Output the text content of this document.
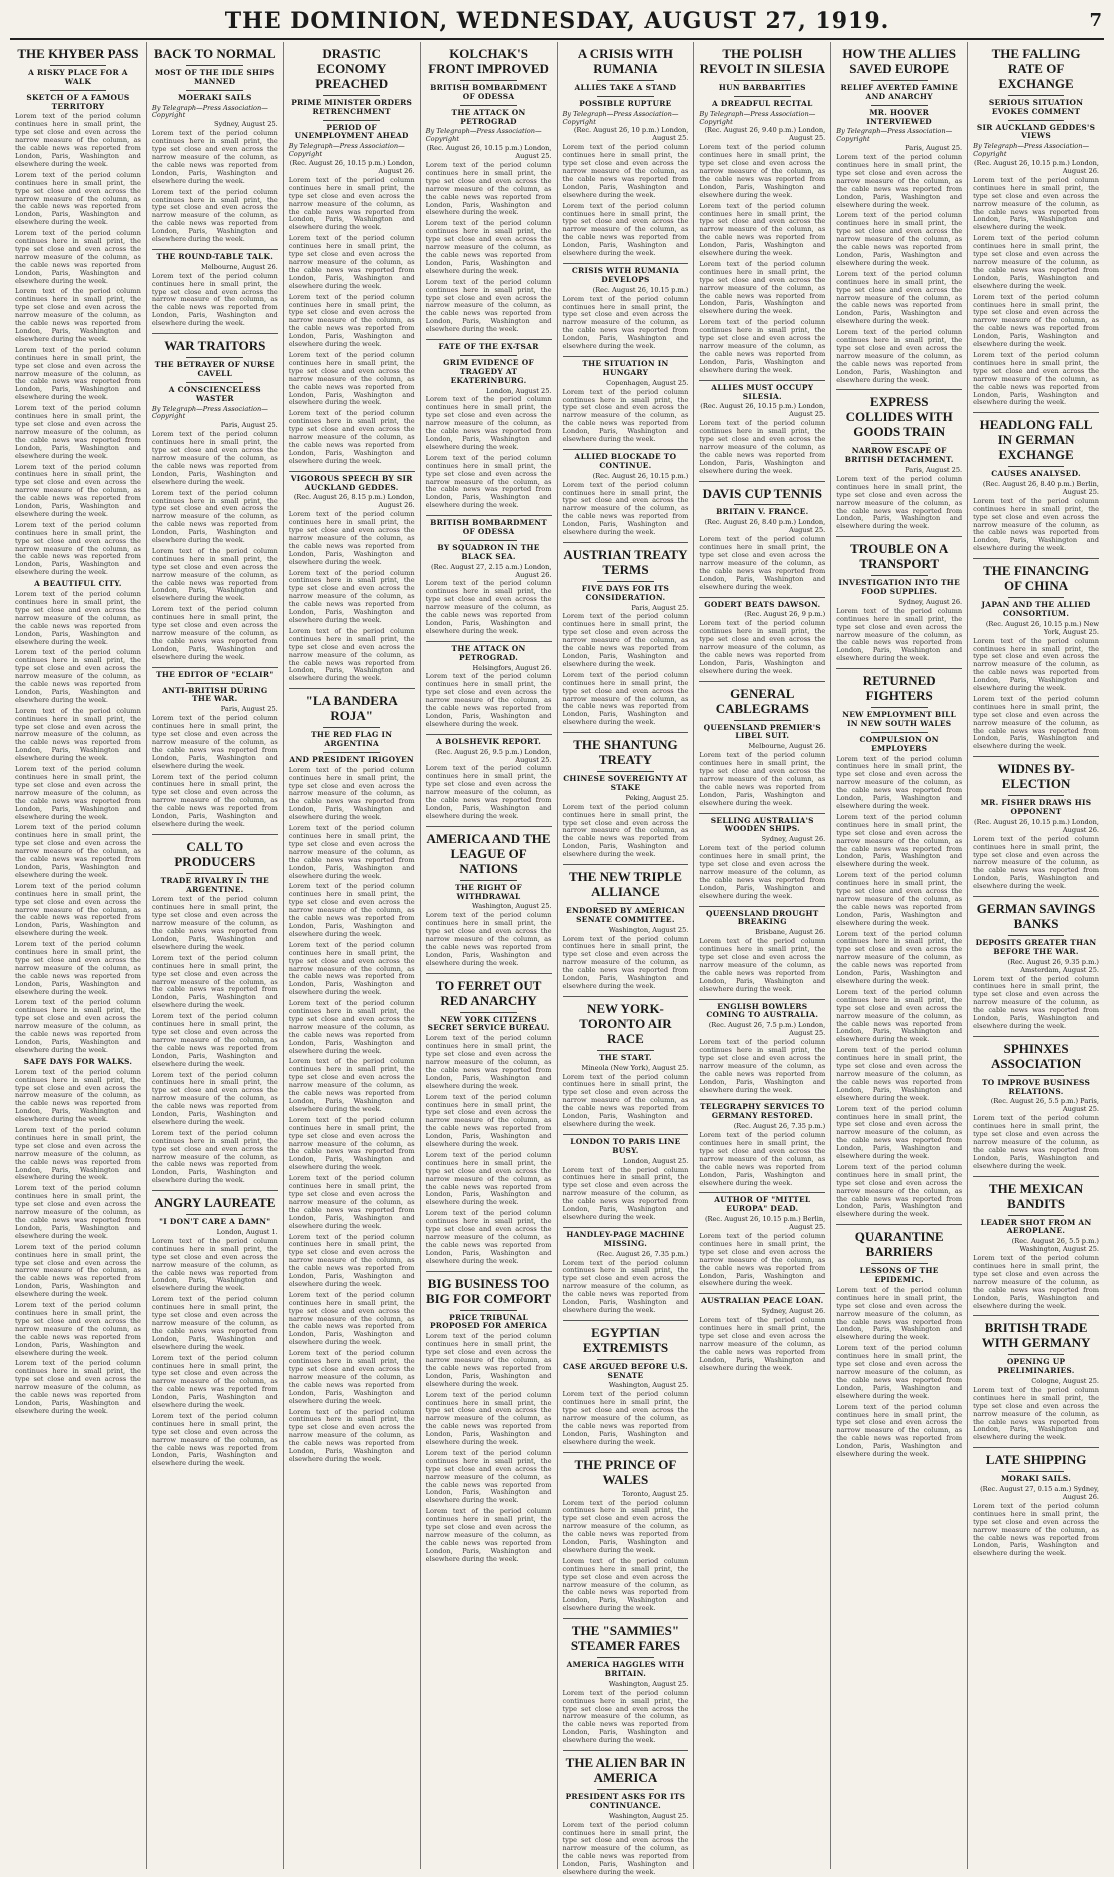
THE DOMINION, WEDNESDAY, AUGUST 27, 1919.	7
THE KHYBER PASS
A RISKY PLACE FOR A WALK
SKETCH OF A FAMOUS TERRITORY

Lorem text of the period column continues here in small print, the type set close and even across the narrow measure of the column, as the cable news was reported from London, Paris, Washington and elsewhere during the week.

Lorem text of the period column continues here in small print, the type set close and even across the narrow measure of the column, as the cable news was reported from London, Paris, Washington and elsewhere during the week.

Lorem text of the period column continues here in small print, the type set close and even across the narrow measure of the column, as the cable news was reported from London, Paris, Washington and elsewhere during the week.

Lorem text of the period column continues here in small print, the type set close and even across the narrow measure of the column, as the cable news was reported from London, Paris, Washington and elsewhere during the week.

Lorem text of the period column continues here in small print, the type set close and even across the narrow measure of the column, as the cable news was reported from London, Paris, Washington and elsewhere during the week.

Lorem text of the period column continues here in small print, the type set close and even across the narrow measure of the column, as the cable news was reported from London, Paris, Washington and elsewhere during the week.

Lorem text of the period column continues here in small print, the type set close and even across the narrow measure of the column, as the cable news was reported from London, Paris, Washington and elsewhere during the week.

Lorem text of the period column continues here in small print, the type set close and even across the narrow measure of the column, as the cable news was reported from London, Paris, Washington and elsewhere during the week.

A BEAUTIFUL CITY.

Lorem text of the period column continues here in small print, the type set close and even across the narrow measure of the column, as the cable news was reported from London, Paris, Washington and elsewhere during the week.

Lorem text of the period column continues here in small print, the type set close and even across the narrow measure of the column, as the cable news was reported from London, Paris, Washington and elsewhere during the week.

Lorem text of the period column continues here in small print, the type set close and even across the narrow measure of the column, as the cable news was reported from London, Paris, Washington and elsewhere during the week.

Lorem text of the period column continues here in small print, the type set close and even across the narrow measure of the column, as the cable news was reported from London, Paris, Washington and elsewhere during the week.

Lorem text of the period column continues here in small print, the type set close and even across the narrow measure of the column, as the cable news was reported from London, Paris, Washington and elsewhere during the week.

Lorem text of the period column continues here in small print, the type set close and even across the narrow measure of the column, as the cable news was reported from London, Paris, Washington and elsewhere during the week.

Lorem text of the period column continues here in small print, the type set close and even across the narrow measure of the column, as the cable news was reported from London, Paris, Washington and elsewhere during the week.

Lorem text of the period column continues here in small print, the type set close and even across the narrow measure of the column, as the cable news was reported from London, Paris, Washington and elsewhere during the week.

SAFE DAYS FOR WALKS.

Lorem text of the period column continues here in small print, the type set close and even across the narrow measure of the column, as the cable news was reported from London, Paris, Washington and elsewhere during the week.

Lorem text of the period column continues here in small print, the type set close and even across the narrow measure of the column, as the cable news was reported from London, Paris, Washington and elsewhere during the week.

Lorem text of the period column continues here in small print, the type set close and even across the narrow measure of the column, as the cable news was reported from London, Paris, Washington and elsewhere during the week.

Lorem text of the period column continues here in small print, the type set close and even across the narrow measure of the column, as the cable news was reported from London, Paris, Washington and elsewhere during the week.

Lorem text of the period column continues here in small print, the type set close and even across the narrow measure of the column, as the cable news was reported from London, Paris, Washington and elsewhere during the week.

Lorem text of the period column continues here in small print, the type set close and even across the narrow measure of the column, as the cable news was reported from London, Paris, Washington and elsewhere during the week.

BACK TO NORMAL
MOST OF THE IDLE SHIPS MANNED
MOERAKI SAILS
By Telegraph—Press Association—Copyright
Sydney, August 25.

Lorem text of the period column continues here in small print, the type set close and even across the narrow measure of the column, as the cable news was reported from London, Paris, Washington and elsewhere during the week.

Lorem text of the period column continues here in small print, the type set close and even across the narrow measure of the column, as the cable news was reported from London, Paris, Washington and elsewhere during the week.

THE ROUND-TABLE TALK.
Melbourne, August 26.

Lorem text of the period column continues here in small print, the type set close and even across the narrow measure of the column, as the cable news was reported from London, Paris, Washington and elsewhere during the week.

WAR TRAITORS
THE BETRAYER OF NURSE CAVELL
A CONSCIENCELESS WASTER
By Telegraph—Press Association—Copyright
Paris, August 25.

Lorem text of the period column continues here in small print, the type set close and even across the narrow measure of the column, as the cable news was reported from London, Paris, Washington and elsewhere during the week.

Lorem text of the period column continues here in small print, the type set close and even across the narrow measure of the column, as the cable news was reported from London, Paris, Washington and elsewhere during the week.

Lorem text of the period column continues here in small print, the type set close and even across the narrow measure of the column, as the cable news was reported from London, Paris, Washington and elsewhere during the week.

Lorem text of the period column continues here in small print, the type set close and even across the narrow measure of the column, as the cable news was reported from London, Paris, Washington and elsewhere during the week.

THE EDITOR OF "ECLAIR"
ANTI-BRITISH DURING THE WAR.
Paris, August 25.

Lorem text of the period column continues here in small print, the type set close and even across the narrow measure of the column, as the cable news was reported from London, Paris, Washington and elsewhere during the week.

Lorem text of the period column continues here in small print, the type set close and even across the narrow measure of the column, as the cable news was reported from London, Paris, Washington and elsewhere during the week.

CALL TO PRODUCERS
TRADE RIVALRY IN THE ARGENTINE.

Lorem text of the period column continues here in small print, the type set close and even across the narrow measure of the column, as the cable news was reported from London, Paris, Washington and elsewhere during the week.

Lorem text of the period column continues here in small print, the type set close and even across the narrow measure of the column, as the cable news was reported from London, Paris, Washington and elsewhere during the week.

Lorem text of the period column continues here in small print, the type set close and even across the narrow measure of the column, as the cable news was reported from London, Paris, Washington and elsewhere during the week.

Lorem text of the period column continues here in small print, the type set close and even across the narrow measure of the column, as the cable news was reported from London, Paris, Washington and elsewhere during the week.

Lorem text of the period column continues here in small print, the type set close and even across the narrow measure of the column, as the cable news was reported from London, Paris, Washington and elsewhere during the week.

ANGRY LAUREATE
"I DON'T CARE A DAMN"
London, August 1.

Lorem text of the period column continues here in small print, the type set close and even across the narrow measure of the column, as the cable news was reported from London, Paris, Washington and elsewhere during the week.

Lorem text of the period column continues here in small print, the type set close and even across the narrow measure of the column, as the cable news was reported from London, Paris, Washington and elsewhere during the week.

Lorem text of the period column continues here in small print, the type set close and even across the narrow measure of the column, as the cable news was reported from London, Paris, Washington and elsewhere during the week.

Lorem text of the period column continues here in small print, the type set close and even across the narrow measure of the column, as the cable news was reported from London, Paris, Washington and elsewhere during the week.

DRASTIC ECONOMY PREACHED
PRIME MINISTER ORDERS RETRENCHMENT
PERIOD OF UNEMPLOYMENT AHEAD
By Telegraph—Press Association—Copyright
(Rec. August 26, 10.15 p.m.) London, August 26.

Lorem text of the period column continues here in small print, the type set close and even across the narrow measure of the column, as the cable news was reported from London, Paris, Washington and elsewhere during the week.

Lorem text of the period column continues here in small print, the type set close and even across the narrow measure of the column, as the cable news was reported from London, Paris, Washington and elsewhere during the week.

Lorem text of the period column continues here in small print, the type set close and even across the narrow measure of the column, as the cable news was reported from London, Paris, Washington and elsewhere during the week.

Lorem text of the period column continues here in small print, the type set close and even across the narrow measure of the column, as the cable news was reported from London, Paris, Washington and elsewhere during the week.

Lorem text of the period column continues here in small print, the type set close and even across the narrow measure of the column, as the cable news was reported from London, Paris, Washington and elsewhere during the week.

VIGOROUS SPEECH BY SIR AUCKLAND GEDDES.
(Rec. August 26, 8.15 p.m.) London, August 26.

Lorem text of the period column continues here in small print, the type set close and even across the narrow measure of the column, as the cable news was reported from London, Paris, Washington and elsewhere during the week.

Lorem text of the period column continues here in small print, the type set close and even across the narrow measure of the column, as the cable news was reported from London, Paris, Washington and elsewhere during the week.

Lorem text of the period column continues here in small print, the type set close and even across the narrow measure of the column, as the cable news was reported from London, Paris, Washington and elsewhere during the week.

"LA BANDERA ROJA"
THE RED FLAG IN ARGENTINA
AND PRESIDENT IRIGOYEN

Lorem text of the period column continues here in small print, the type set close and even across the narrow measure of the column, as the cable news was reported from London, Paris, Washington and elsewhere during the week.

Lorem text of the period column continues here in small print, the type set close and even across the narrow measure of the column, as the cable news was reported from London, Paris, Washington and elsewhere during the week.

Lorem text of the period column continues here in small print, the type set close and even across the narrow measure of the column, as the cable news was reported from London, Paris, Washington and elsewhere during the week.

Lorem text of the period column continues here in small print, the type set close and even across the narrow measure of the column, as the cable news was reported from London, Paris, Washington and elsewhere during the week.

Lorem text of the period column continues here in small print, the type set close and even across the narrow measure of the column, as the cable news was reported from London, Paris, Washington and elsewhere during the week.

Lorem text of the period column continues here in small print, the type set close and even across the narrow measure of the column, as the cable news was reported from London, Paris, Washington and elsewhere during the week.

Lorem text of the period column continues here in small print, the type set close and even across the narrow measure of the column, as the cable news was reported from London, Paris, Washington and elsewhere during the week.

Lorem text of the period column continues here in small print, the type set close and even across the narrow measure of the column, as the cable news was reported from London, Paris, Washington and elsewhere during the week.

Lorem text of the period column continues here in small print, the type set close and even across the narrow measure of the column, as the cable news was reported from London, Paris, Washington and elsewhere during the week.

Lorem text of the period column continues here in small print, the type set close and even across the narrow measure of the column, as the cable news was reported from London, Paris, Washington and elsewhere during the week.

Lorem text of the period column continues here in small print, the type set close and even across the narrow measure of the column, as the cable news was reported from London, Paris, Washington and elsewhere during the week.

Lorem text of the period column continues here in small print, the type set close and even across the narrow measure of the column, as the cable news was reported from London, Paris, Washington and elsewhere during the week.

KOLCHAK'S FRONT IMPROVED
BRITISH BOMBARDMENT OF ODESSA
THE ATTACK ON PETROGRAD
By Telegraph—Press Association—Copyright
(Rec. August 26, 10.15 p.m.) London, August 25.

Lorem text of the period column continues here in small print, the type set close and even across the narrow measure of the column, as the cable news was reported from London, Paris, Washington and elsewhere during the week.

Lorem text of the period column continues here in small print, the type set close and even across the narrow measure of the column, as the cable news was reported from London, Paris, Washington and elsewhere during the week.

Lorem text of the period column continues here in small print, the type set close and even across the narrow measure of the column, as the cable news was reported from London, Paris, Washington and elsewhere during the week.

FATE OF THE EX-TSAR
GRIM EVIDENCE OF TRAGEDY AT EKATERINBURG.
London, August 25.

Lorem text of the period column continues here in small print, the type set close and even across the narrow measure of the column, as the cable news was reported from London, Paris, Washington and elsewhere during the week.

Lorem text of the period column continues here in small print, the type set close and even across the narrow measure of the column, as the cable news was reported from London, Paris, Washington and elsewhere during the week.

BRITISH BOMBARDMENT OF ODESSA
BY SQUADRON IN THE BLACK SEA.
(Rec. August 27, 2.15 a.m.) London, August 26.

Lorem text of the period column continues here in small print, the type set close and even across the narrow measure of the column, as the cable news was reported from London, Paris, Washington and elsewhere during the week.

THE ATTACK ON PETROGRAD.
Helsingfors, August 26.

Lorem text of the period column continues here in small print, the type set close and even across the narrow measure of the column, as the cable news was reported from London, Paris, Washington and elsewhere during the week.

A BOLSHEVIK REPORT.
(Rec. August 26, 9.5 p.m.) London, August 25.

Lorem text of the period column continues here in small print, the type set close and even across the narrow measure of the column, as the cable news was reported from London, Paris, Washington and elsewhere during the week.

AMERICA AND THE LEAGUE OF NATIONS
THE RIGHT OF WITHDRAWAL
Washington, August 25.

Lorem text of the period column continues here in small print, the type set close and even across the narrow measure of the column, as the cable news was reported from London, Paris, Washington and elsewhere during the week.

TO FERRET OUT RED ANARCHY
NEW YORK CITIZENS SECRET SERVICE BUREAU.

Lorem text of the period column continues here in small print, the type set close and even across the narrow measure of the column, as the cable news was reported from London, Paris, Washington and elsewhere during the week.

Lorem text of the period column continues here in small print, the type set close and even across the narrow measure of the column, as the cable news was reported from London, Paris, Washington and elsewhere during the week.

Lorem text of the period column continues here in small print, the type set close and even across the narrow measure of the column, as the cable news was reported from London, Paris, Washington and elsewhere during the week.

Lorem text of the period column continues here in small print, the type set close and even across the narrow measure of the column, as the cable news was reported from London, Paris, Washington and elsewhere during the week.

BIG BUSINESS TOO BIG FOR COMFORT
PRICE TRIBUNAL PROPOSED FOR AMERICA

Lorem text of the period column continues here in small print, the type set close and even across the narrow measure of the column, as the cable news was reported from London, Paris, Washington and elsewhere during the week.

Lorem text of the period column continues here in small print, the type set close and even across the narrow measure of the column, as the cable news was reported from London, Paris, Washington and elsewhere during the week.

Lorem text of the period column continues here in small print, the type set close and even across the narrow measure of the column, as the cable news was reported from London, Paris, Washington and elsewhere during the week.

Lorem text of the period column continues here in small print, the type set close and even across the narrow measure of the column, as the cable news was reported from London, Paris, Washington and elsewhere during the week.

A CRISIS WITH RUMANIA
ALLIES TAKE A STAND
POSSIBLE RUPTURE
By Telegraph—Press Association—Copyright
(Rec. August 26, 10 p.m.) London, August 25.

Lorem text of the period column continues here in small print, the type set close and even across the narrow measure of the column, as the cable news was reported from London, Paris, Washington and elsewhere during the week.

Lorem text of the period column continues here in small print, the type set close and even across the narrow measure of the column, as the cable news was reported from London, Paris, Washington and elsewhere during the week.

CRISIS WITH RUMANIA DEVELOPS
(Rec. August 26, 10.15 p.m.)

Lorem text of the period column continues here in small print, the type set close and even across the narrow measure of the column, as the cable news was reported from London, Paris, Washington and elsewhere during the week.

THE SITUATION IN HUNGARY
Copenhagen, August 25.

Lorem text of the period column continues here in small print, the type set close and even across the narrow measure of the column, as the cable news was reported from London, Paris, Washington and elsewhere during the week.

ALLIED BLOCKADE TO CONTINUE.
(Rec. August 26, 10.15 p.m.)

Lorem text of the period column continues here in small print, the type set close and even across the narrow measure of the column, as the cable news was reported from London, Paris, Washington and elsewhere during the week.

AUSTRIAN TREATY TERMS
FIVE DAYS FOR ITS CONSIDERATION.
Paris, August 25.

Lorem text of the period column continues here in small print, the type set close and even across the narrow measure of the column, as the cable news was reported from London, Paris, Washington and elsewhere during the week.

Lorem text of the period column continues here in small print, the type set close and even across the narrow measure of the column, as the cable news was reported from London, Paris, Washington and elsewhere during the week.

THE SHANTUNG TREATY
CHINESE SOVEREIGNTY AT STAKE
Peking, August 25.

Lorem text of the period column continues here in small print, the type set close and even across the narrow measure of the column, as the cable news was reported from London, Paris, Washington and elsewhere during the week.

THE NEW TRIPLE ALLIANCE
ENDORSED BY AMERICAN SENATE COMMITTEE.
Washington, August 25.

Lorem text of the period column continues here in small print, the type set close and even across the narrow measure of the column, as the cable news was reported from London, Paris, Washington and elsewhere during the week.

NEW YORK-TORONTO AIR RACE
THE START.
Mineola (New York), August 25.

Lorem text of the period column continues here in small print, the type set close and even across the narrow measure of the column, as the cable news was reported from London, Paris, Washington and elsewhere during the week.

LONDON TO PARIS LINE BUSY.
London, August 25.

Lorem text of the period column continues here in small print, the type set close and even across the narrow measure of the column, as the cable news was reported from London, Paris, Washington and elsewhere during the week.

HANDLEY-PAGE MACHINE MISSING.
(Rec. August 26, 7.35 p.m.)

Lorem text of the period column continues here in small print, the type set close and even across the narrow measure of the column, as the cable news was reported from London, Paris, Washington and elsewhere during the week.

EGYPTIAN EXTREMISTS
CASE ARGUED BEFORE U.S. SENATE
Washington, August 25.

Lorem text of the period column continues here in small print, the type set close and even across the narrow measure of the column, as the cable news was reported from London, Paris, Washington and elsewhere during the week.

THE PRINCE OF WALES
Toronto, August 25.

Lorem text of the period column continues here in small print, the type set close and even across the narrow measure of the column, as the cable news was reported from London, Paris, Washington and elsewhere during the week.

Lorem text of the period column continues here in small print, the type set close and even across the narrow measure of the column, as the cable news was reported from London, Paris, Washington and elsewhere during the week.

THE "SAMMIES" STEAMER FARES
AMERICA HAGGLES WITH BRITAIN.
Washington, August 25.

Lorem text of the period column continues here in small print, the type set close and even across the narrow measure of the column, as the cable news was reported from London, Paris, Washington and elsewhere during the week.

THE ALIEN BAR IN AMERICA
PRESIDENT ASKS FOR ITS CONTINUANCE.
Washington, August 25.

Lorem text of the period column continues here in small print, the type set close and even across the narrow measure of the column, as the cable news was reported from London, Paris, Washington and elsewhere during the week.

THE POLISH REVOLT IN SILESIA
HUN BARBARITIES
A DREADFUL RECITAL
By Telegraph—Press Association—Copyright
(Rec. August 26, 9.40 p.m.) London, August 25.

Lorem text of the period column continues here in small print, the type set close and even across the narrow measure of the column, as the cable news was reported from London, Paris, Washington and elsewhere during the week.

Lorem text of the period column continues here in small print, the type set close and even across the narrow measure of the column, as the cable news was reported from London, Paris, Washington and elsewhere during the week.

Lorem text of the period column continues here in small print, the type set close and even across the narrow measure of the column, as the cable news was reported from London, Paris, Washington and elsewhere during the week.

Lorem text of the period column continues here in small print, the type set close and even across the narrow measure of the column, as the cable news was reported from London, Paris, Washington and elsewhere during the week.

ALLIES MUST OCCUPY SILESIA.
(Rec. August 26, 10.15 p.m.) London, August 25.

Lorem text of the period column continues here in small print, the type set close and even across the narrow measure of the column, as the cable news was reported from London, Paris, Washington and elsewhere during the week.

DAVIS CUP TENNIS
BRITAIN V. FRANCE.
(Rec. August 26, 8.40 p.m.) London, August 25.

Lorem text of the period column continues here in small print, the type set close and even across the narrow measure of the column, as the cable news was reported from London, Paris, Washington and elsewhere during the week.

GODERT BEATS DAWSON.
(Rec. August 26, 9 p.m.)

Lorem text of the period column continues here in small print, the type set close and even across the narrow measure of the column, as the cable news was reported from London, Paris, Washington and elsewhere during the week.

GENERAL CABLEGRAMS
QUEENSLAND PREMIER'S LIBEL SUIT.
Melbourne, August 26.

Lorem text of the period column continues here in small print, the type set close and even across the narrow measure of the column, as the cable news was reported from London, Paris, Washington and elsewhere during the week.

SELLING AUSTRALIA'S WOODEN SHIPS.
Sydney, August 26.

Lorem text of the period column continues here in small print, the type set close and even across the narrow measure of the column, as the cable news was reported from London, Paris, Washington and elsewhere during the week.

QUEENSLAND DROUGHT BREAKING
Brisbane, August 26.

Lorem text of the period column continues here in small print, the type set close and even across the narrow measure of the column, as the cable news was reported from London, Paris, Washington and elsewhere during the week.

ENGLISH BOWLERS COMING TO AUSTRALIA.
(Rec. August 26, 7.5 p.m.) London, August 25.

Lorem text of the period column continues here in small print, the type set close and even across the narrow measure of the column, as the cable news was reported from London, Paris, Washington and elsewhere during the week.

TELEGRAPHY SERVICES TO GERMANY RESTORED.
(Rec. August 26, 7.35 p.m.)

Lorem text of the period column continues here in small print, the type set close and even across the narrow measure of the column, as the cable news was reported from London, Paris, Washington and elsewhere during the week.

AUTHOR OF "MITTEL EUROPA" DEAD.
(Rec. August 26, 10.15 p.m.) Berlin, August 25.

Lorem text of the period column continues here in small print, the type set close and even across the narrow measure of the column, as the cable news was reported from London, Paris, Washington and elsewhere during the week.

AUSTRALIAN PEACE LOAN.
Sydney, August 26.

Lorem text of the period column continues here in small print, the type set close and even across the narrow measure of the column, as the cable news was reported from London, Paris, Washington and elsewhere during the week.

HOW THE ALLIES SAVED EUROPE
RELIEF AVERTED FAMINE AND ANARCHY
MR. HOOVER INTERVIEWED
By Telegraph—Press Association—Copyright
Paris, August 25.

Lorem text of the period column continues here in small print, the type set close and even across the narrow measure of the column, as the cable news was reported from London, Paris, Washington and elsewhere during the week.

Lorem text of the period column continues here in small print, the type set close and even across the narrow measure of the column, as the cable news was reported from London, Paris, Washington and elsewhere during the week.

Lorem text of the period column continues here in small print, the type set close and even across the narrow measure of the column, as the cable news was reported from London, Paris, Washington and elsewhere during the week.

Lorem text of the period column continues here in small print, the type set close and even across the narrow measure of the column, as the cable news was reported from London, Paris, Washington and elsewhere during the week.

EXPRESS COLLIDES WITH GOODS TRAIN
NARROW ESCAPE OF BRITISH DETACHMENT.
Paris, August 25.

Lorem text of the period column continues here in small print, the type set close and even across the narrow measure of the column, as the cable news was reported from London, Paris, Washington and elsewhere during the week.

TROUBLE ON A TRANSPORT
INVESTIGATION INTO THE FOOD SUPPLIES.
Sydney, August 26.

Lorem text of the period column continues here in small print, the type set close and even across the narrow measure of the column, as the cable news was reported from London, Paris, Washington and elsewhere during the week.

RETURNED FIGHTERS
NEW EMPLOYMENT BILL IN NEW SOUTH WALES
COMPULSION ON EMPLOYERS

Lorem text of the period column continues here in small print, the type set close and even across the narrow measure of the column, as the cable news was reported from London, Paris, Washington and elsewhere during the week.

Lorem text of the period column continues here in small print, the type set close and even across the narrow measure of the column, as the cable news was reported from London, Paris, Washington and elsewhere during the week.

Lorem text of the period column continues here in small print, the type set close and even across the narrow measure of the column, as the cable news was reported from London, Paris, Washington and elsewhere during the week.

Lorem text of the period column continues here in small print, the type set close and even across the narrow measure of the column, as the cable news was reported from London, Paris, Washington and elsewhere during the week.

Lorem text of the period column continues here in small print, the type set close and even across the narrow measure of the column, as the cable news was reported from London, Paris, Washington and elsewhere during the week.

Lorem text of the period column continues here in small print, the type set close and even across the narrow measure of the column, as the cable news was reported from London, Paris, Washington and elsewhere during the week.

Lorem text of the period column continues here in small print, the type set close and even across the narrow measure of the column, as the cable news was reported from London, Paris, Washington and elsewhere during the week.

Lorem text of the period column continues here in small print, the type set close and even across the narrow measure of the column, as the cable news was reported from London, Paris, Washington and elsewhere during the week.

QUARANTINE BARRIERS
LESSONS OF THE EPIDEMIC.

Lorem text of the period column continues here in small print, the type set close and even across the narrow measure of the column, as the cable news was reported from London, Paris, Washington and elsewhere during the week.

Lorem text of the period column continues here in small print, the type set close and even across the narrow measure of the column, as the cable news was reported from London, Paris, Washington and elsewhere during the week.

Lorem text of the period column continues here in small print, the type set close and even across the narrow measure of the column, as the cable news was reported from London, Paris, Washington and elsewhere during the week.

THE FALLING RATE OF EXCHANGE
SERIOUS SITUATION EVOKES COMMENT
SIR AUCKLAND GEDDES'S VIEWS
By Telegraph—Press Association—Copyright
(Rec. August 26, 10.15 p.m.) London, August 26.

Lorem text of the period column continues here in small print, the type set close and even across the narrow measure of the column, as the cable news was reported from London, Paris, Washington and elsewhere during the week.

Lorem text of the period column continues here in small print, the type set close and even across the narrow measure of the column, as the cable news was reported from London, Paris, Washington and elsewhere during the week.

Lorem text of the period column continues here in small print, the type set close and even across the narrow measure of the column, as the cable news was reported from London, Paris, Washington and elsewhere during the week.

Lorem text of the period column continues here in small print, the type set close and even across the narrow measure of the column, as the cable news was reported from London, Paris, Washington and elsewhere during the week.

HEADLONG FALL IN GERMAN EXCHANGE
CAUSES ANALYSED.
(Rec. August 26, 8.40 p.m.) Berlin, August 25.

Lorem text of the period column continues here in small print, the type set close and even across the narrow measure of the column, as the cable news was reported from London, Paris, Washington and elsewhere during the week.

THE FINANCING OF CHINA
JAPAN AND THE ALLIED CONSORTIUM.
(Rec. August 26, 10.15 p.m.) New York, August 25.

Lorem text of the period column continues here in small print, the type set close and even across the narrow measure of the column, as the cable news was reported from London, Paris, Washington and elsewhere during the week.

Lorem text of the period column continues here in small print, the type set close and even across the narrow measure of the column, as the cable news was reported from London, Paris, Washington and elsewhere during the week.

WIDNES BY-ELECTION
MR. FISHER DRAWS HIS OPPONENT
(Rec. August 26, 10.15 p.m.) London, August 26.

Lorem text of the period column continues here in small print, the type set close and even across the narrow measure of the column, as the cable news was reported from London, Paris, Washington and elsewhere during the week.

GERMAN SAVINGS BANKS
DEPOSITS GREATER THAN BEFORE THE WAR.
(Rec. August 26, 9.35 p.m.) Amsterdam, August 25.

Lorem text of the period column continues here in small print, the type set close and even across the narrow measure of the column, as the cable news was reported from London, Paris, Washington and elsewhere during the week.

SPHINXES ASSOCIATION
TO IMPROVE BUSINESS RELATIONS.
(Rec. August 26, 5.5 p.m.) Paris, August 25.

Lorem text of the period column continues here in small print, the type set close and even across the narrow measure of the column, as the cable news was reported from London, Paris, Washington and elsewhere during the week.

THE MEXICAN BANDITS
LEADER SHOT FROM AN AEROPLANE.
(Rec. August 26, 5.5 p.m.) Washington, August 25.

Lorem text of the period column continues here in small print, the type set close and even across the narrow measure of the column, as the cable news was reported from London, Paris, Washington and elsewhere during the week.

BRITISH TRADE WITH GERMANY
OPENING UP PRELIMINARIES.
Cologne, August 25.

Lorem text of the period column continues here in small print, the type set close and even across the narrow measure of the column, as the cable news was reported from London, Paris, Washington and elsewhere during the week.

LATE SHIPPING
MORAKI SAILS.
(Rec. August 27, 0.15 a.m.) Sydney, August 26.

Lorem text of the period column continues here in small print, the type set close and even across the narrow measure of the column, as the cable news was reported from London, Paris, Washington and elsewhere during the week.
